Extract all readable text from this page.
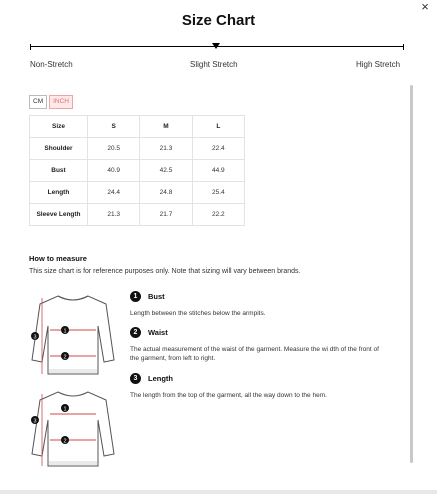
×
Size Chart
Non-Stretch	Slight Stretch	High Stretch
CM	INCH
Size	S	M	L
Shoulder	20.5	21.3	22.4
Bust	40.9	42.5	44.9
Length	24.4	24.8	25.4
Sleeve Length	21.3	21.7	22.2
How to measure
This size chart is for reference purposes only. Note that sizing will vary between brands.
1
2
3
1
2
3
1	Bust
Length between the stitches below the armpits.
2	Waist
The actual measurement of the waist of the garment. Measure the wi dth of the front of the garment, from left to right.
3	Length
The length from the top of the garment, all the way down to the hem.
